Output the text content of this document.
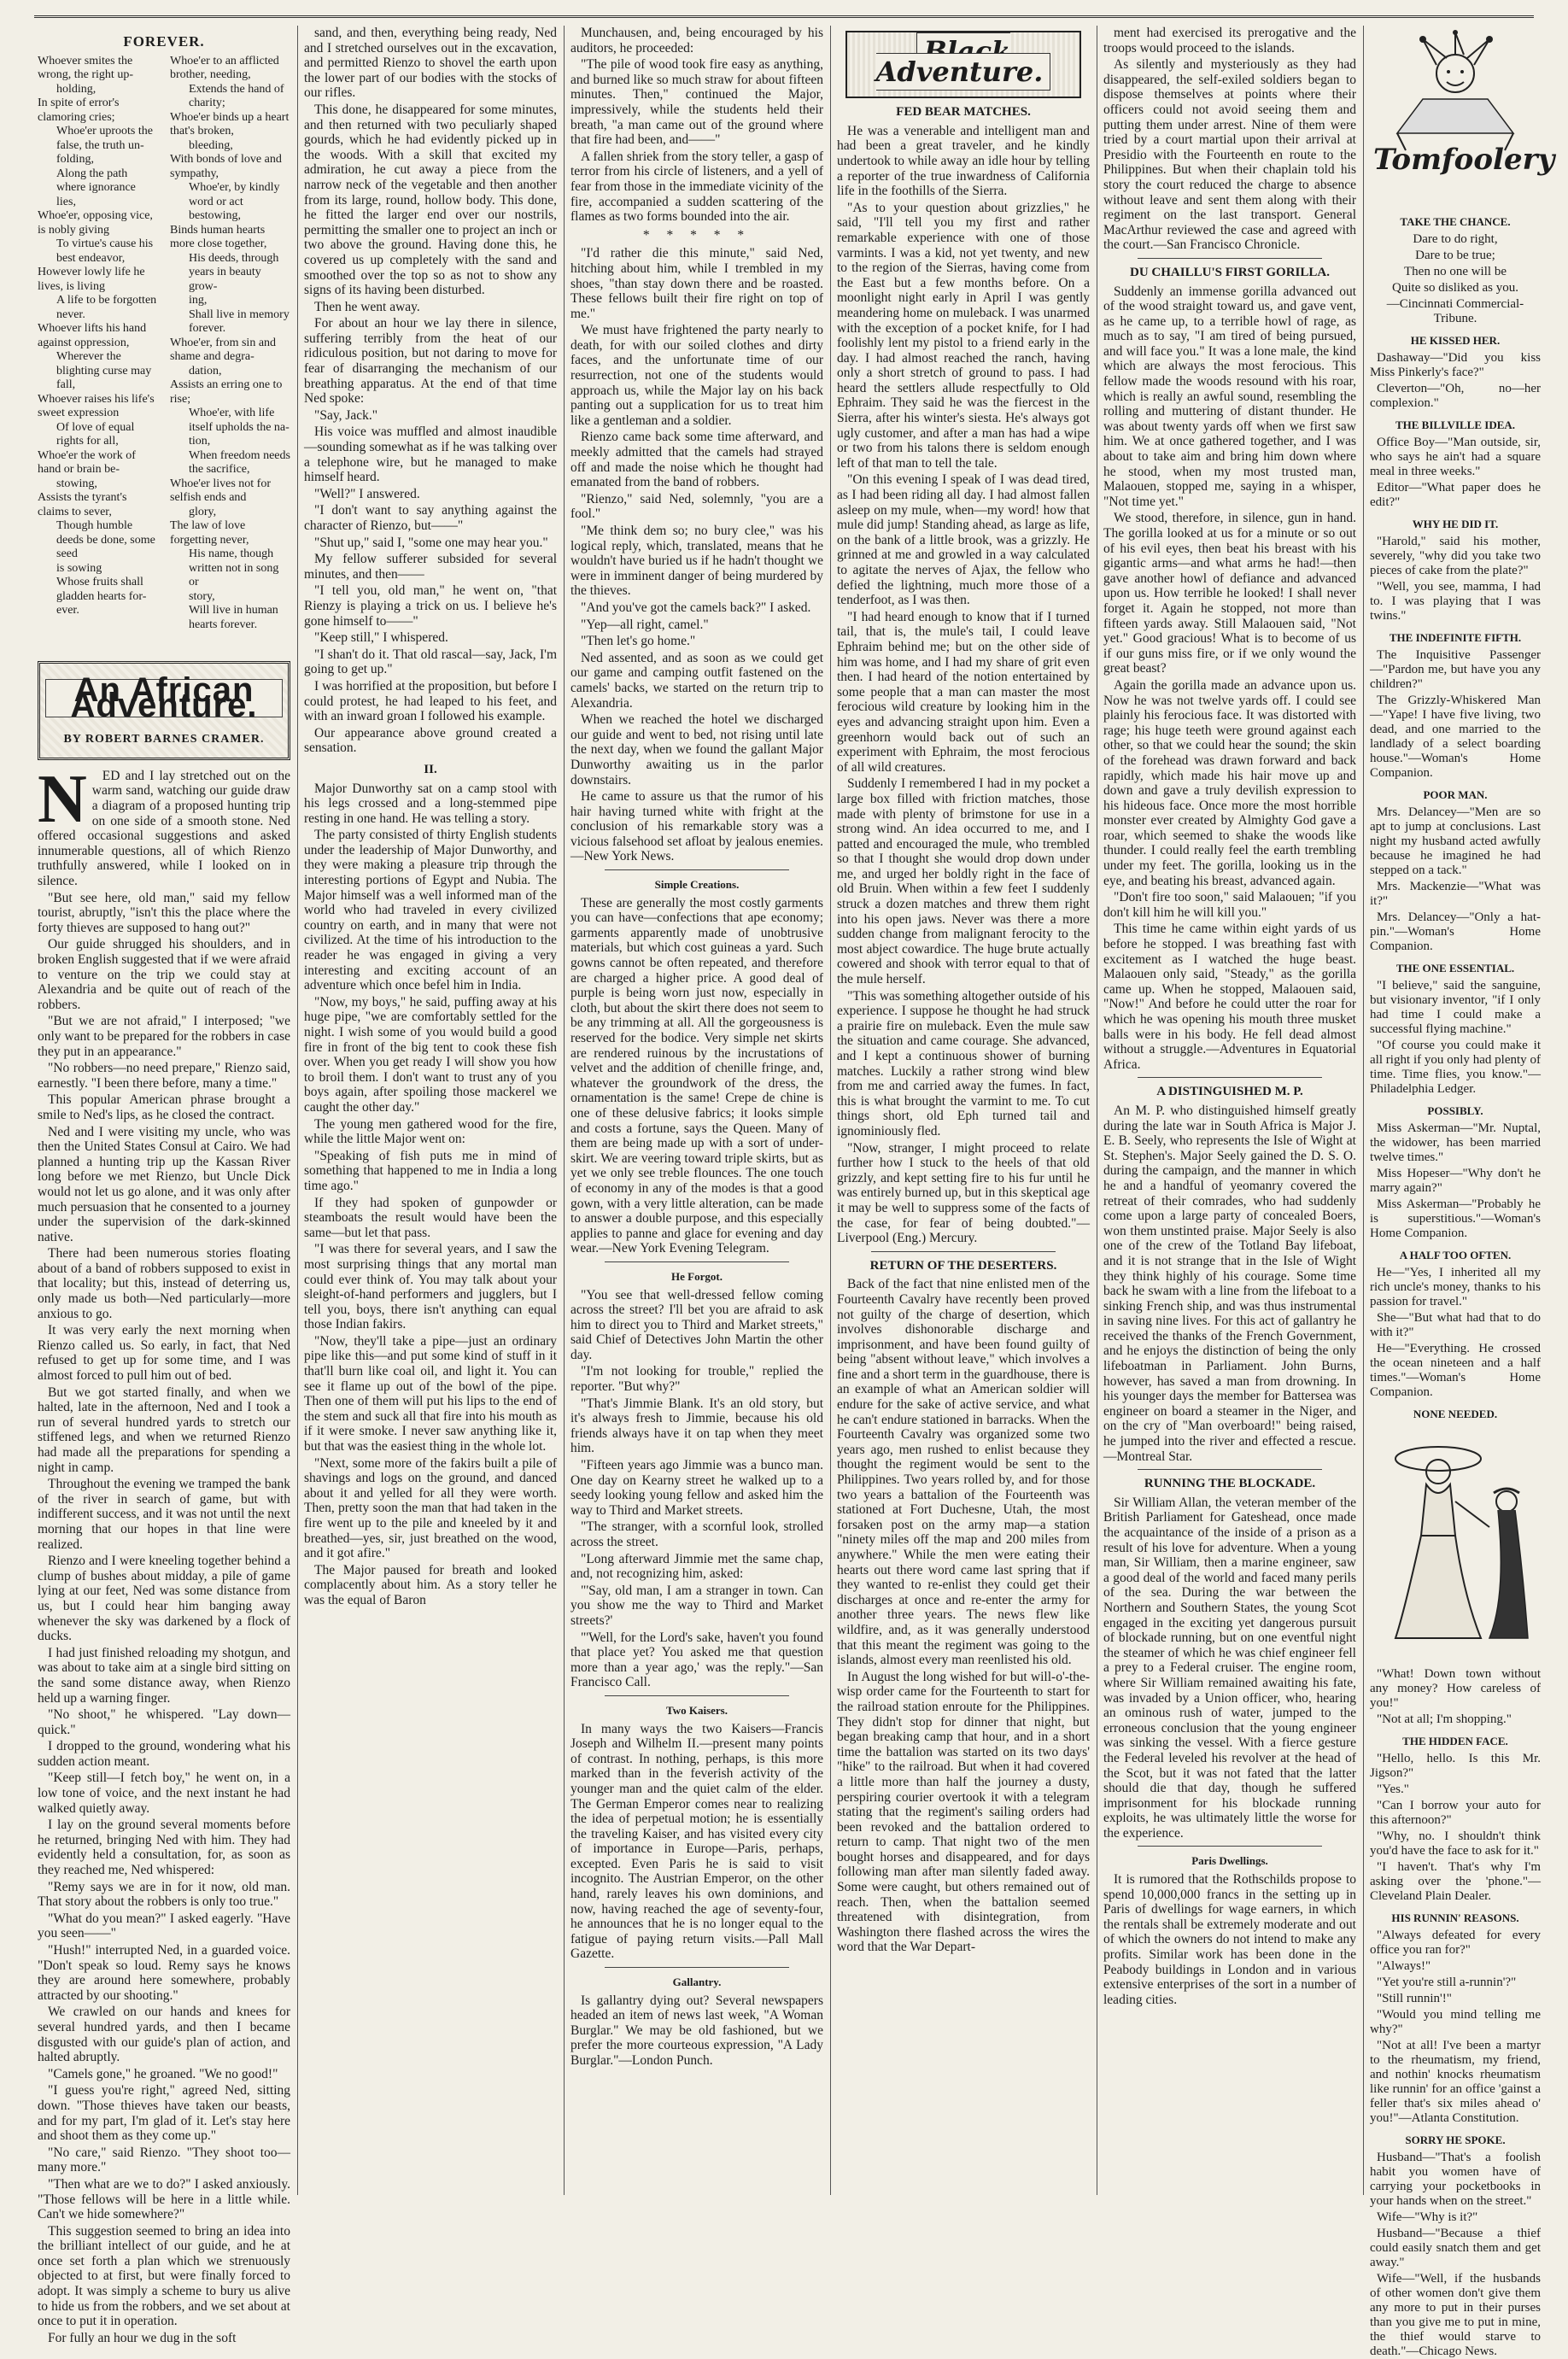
FOREVER.

Whoever smites the wrong, the right up-

holding,

In spite of error's clamoring cries;

Whoe'er uproots the false, the truth un-

folding,

Along the path where ignorance lies,

Whoe'er, opposing vice, is nobly giving

To virtue's cause his best endeavor,

However lowly life he lives, is living

A life to be forgotten never.

Whoever lifts his hand against oppression,

Wherever the blighting curse may fall,

Whoever raises his life's sweet expression

Of love of equal rights for all,

Whoe'er the work of hand or brain be-

stowing,

Assists the tyrant's claims to sever,

Though humble deeds be done, some seed

is sowing

Whose fruits shall gladden hearts for-

ever.

Whoe'er to an afflicted brother, needing,

Extends the hand of charity;

Whoe'er binds up a heart that's broken,

bleeding,

With bonds of love and sympathy,

Whoe'er, by kindly word or act bestowing,

Binds human hearts more close together,

His deeds, through years in beauty grow-

ing,

Shall live in memory forever.

Whoe'er, from sin and shame and degra-

dation,

Assists an erring one to rise;

Whoe'er, with life itself upholds the na-

tion,

When freedom needs the sacrifice,

Whoe'er lives not for selfish ends and

glory,

The law of love forgetting never,

His name, though written not in song or

story,

Will live in human hearts forever.

An African Adventure.
BY ROBERT BARNES CRAMER.
N	ED and I lay stretched out on the warm sand, watching our guide draw a diagram of a proposed hunting trip on one side of a smooth stone. Ned offered occasional suggestions and asked innumerable questions, all of which Rienzo truthfully answered, while I looked on in silence.

"But see here, old man," said my fellow tourist, abruptly, "isn't this the place where the forty thieves are supposed to hang out?"

Our guide shrugged his shoulders, and in broken English suggested that if we were afraid to venture on the trip we could stay at Alexandria and be quite out of reach of the robbers.

"But we are not afraid," I interposed; "we only want to be prepared for the robbers in case they put in an appearance."

"No robbers—no need prepare," Rienzo said, earnestly. "I been there before, many a time."

This popular American phrase brought a smile to Ned's lips, as he closed the contract.

Ned and I were visiting my uncle, who was then the United States Consul at Cairo. We had planned a hunting trip up the Kassan River long before we met Rienzo, but Uncle Dick would not let us go alone, and it was only after much persuasion that he consented to a journey under the supervision of the dark-skinned native.

There had been numerous stories floating about of a band of robbers supposed to exist in that locality; but this, instead of deterring us, only made us both—Ned particularly—more anxious to go.

It was very early the next morning when Rienzo called us. So early, in fact, that Ned refused to get up for some time, and I was almost forced to pull him out of bed.

But we got started finally, and when we halted, late in the afternoon, Ned and I took a run of several hundred yards to stretch our stiffened legs, and when we returned Rienzo had made all the preparations for spending a night in camp.

Throughout the evening we tramped the bank of the river in search of game, but with indifferent success, and it was not until the next morning that our hopes in that line were realized.

Rienzo and I were kneeling together behind a clump of bushes about midday, a pile of game lying at our feet, Ned was some distance from us, but I could hear him banging away whenever the sky was darkened by a flock of ducks.

I had just finished reloading my shotgun, and was about to take aim at a single bird sitting on the sand some distance away, when Rienzo held up a warning finger.

"No shoot," he whispered. "Lay down—quick."

I dropped to the ground, wondering what his sudden action meant.

"Keep still—I fetch boy," he went on, in a low tone of voice, and the next instant he had walked quietly away.

I lay on the ground several moments before he returned, bringing Ned with him. They had evidently held a consultation, for, as soon as they reached me, Ned whispered:

"Remy says we are in for it now, old man. That story about the robbers is only too true."

"What do you mean?" I asked eagerly. "Have you seen——"

"Hush!" interrupted Ned, in a guarded voice. "Don't speak so loud. Remy says he knows they are around here somewhere, probably attracted by our shooting."

We crawled on our hands and knees for several hundred yards, and then I became disgusted with our guide's plan of action, and halted abruptly.

"Camels gone," he groaned. "We no good!"

"I guess you're right," agreed Ned, sitting down. "Those thieves have taken our beasts, and for my part, I'm glad of it. Let's stay here and shoot them as they come up."

"No care," said Rienzo. "They shoot too—many more."

"Then what are we to do?" I asked anxiously. "Those fellows will be here in a little while. Can't we hide somewhere?"

This suggestion seemed to bring an idea into the brilliant intellect of our guide, and he at once set forth a plan which we strenuously objected to at first, but were finally forced to adopt. It was simply a scheme to bury us alive to hide us from the robbers, and we set about at once to put it in operation.

For fully an hour we dug in the soft

sand, and then, everything being ready, Ned and I stretched ourselves out in the excavation, and permitted Rienzo to shovel the earth upon the lower part of our bodies with the stocks of our rifles.

This done, he disappeared for some minutes, and then returned with two peculiarly shaped gourds, which he had evidently picked up in the woods. With a skill that excited my admiration, he cut away a piece from the narrow neck of the vegetable and then another from its large, round, hollow body. This done, he fitted the larger end over our nostrils, permitting the smaller one to project an inch or two above the ground. Having done this, he covered us up completely with the sand and smoothed over the top so as not to show any signs of its having been disturbed.

Then he went away.

For about an hour we lay there in silence, suffering terribly from the heat of our ridiculous position, but not daring to move for fear of disarranging the mechanism of our breathing apparatus. At the end of that time Ned spoke:

"Say, Jack."

His voice was muffled and almost inaudible—sounding somewhat as if he was talking over a telephone wire, but he managed to make himself heard.

"Well?" I answered.

"I don't want to say anything against the character of Rienzo, but——"

"Shut up," said I, "some one may hear you."

My fellow sufferer subsided for several minutes, and then——

"I tell you, old man," he went on, "that Rienzy is playing a trick on us. I believe he's gone himself to——"

"Keep still," I whispered.

"I shan't do it. That old rascal—say, Jack, I'm going to get up."

I was horrified at the proposition, but before I could protest, he had leaped to his feet, and with an inward groan I followed his example.

Our appearance above ground created a sensation.

II.

Major Dunworthy sat on a camp stool with his legs crossed and a long-stemmed pipe resting in one hand. He was telling a story.

The party consisted of thirty English students under the leadership of Major Dunworthy, and they were making a pleasure trip through the interesting portions of Egypt and Nubia. The Major himself was a well informed man of the world who had traveled in every civilized country on earth, and in many that were not civilized. At the time of his introduction to the reader he was engaged in giving a very interesting and exciting account of an adventure which once befel him in India.

"Now, my boys," he said, puffing away at his huge pipe, "we are comfortably settled for the night. I wish some of you would build a good fire in front of the big tent to cook these fish over. When you get ready I will show you how to broil them. I don't want to trust any of you boys again, after spoiling those mackerel we caught the other day."

The young men gathered wood for the fire, while the little Major went on:

"Speaking of fish puts me in mind of something that happened to me in India a long time ago."

If they had spoken of gunpowder or steamboats the result would have been the same—but let that pass.

"I was there for several years, and I saw the most surprising things that any mortal man could ever think of. You may talk about your sleight-of-hand performers and jugglers, but I tell you, boys, there isn't anything can equal those Indian fakirs.

"Now, they'll take a pipe—just an ordinary pipe like this—and put some kind of stuff in it that'll burn like coal oil, and light it. You can see it flame up out of the bowl of the pipe. Then one of them will put his lips to the end of the stem and suck all that fire into his mouth as if it were smoke. I never saw anything like it, but that was the easiest thing in the whole lot.

"Next, some more of the fakirs built a pile of shavings and logs on the ground, and danced about it and yelled for all they were worth. Then, pretty soon the man that had taken in the fire went up to the pile and kneeled by it and breathed—yes, sir, just breathed on the wood, and it got afire."

The Major paused for breath and looked complacently about him. As a story teller he was the equal of Baron

Munchausen, and, being encouraged by his auditors, he proceeded:

"The pile of wood took fire easy as anything, and burned like so much straw for about fifteen minutes. Then," continued the Major, impressively, while the students held their breath, "a man came out of the ground where that fire had been, and——"

A fallen shriek from the story teller, a gasp of terror from his circle of listeners, and a yell of fear from those in the immediate vicinity of the fire, accompanied a sudden scattering of the flames as two forms bounded into the air.

* * * * *

"I'd rather die this minute," said Ned, hitching about him, while I trembled in my shoes, "than stay down there and be roasted. These fellows built their fire right on top of me."

We must have frightened the party nearly to death, for with our soiled clothes and dirty faces, and the unfortunate time of our resurrection, not one of the students would approach us, while the Major lay on his back panting out a supplication for us to treat him like a gentleman and a soldier.

Rienzo came back some time afterward, and meekly admitted that the camels had strayed off and made the noise which he thought had emanated from the band of robbers.

"Rienzo," said Ned, solemnly, "you are a fool."

"Me think dem so; no bury clee," was his logical reply, which, translated, means that he wouldn't have buried us if he hadn't thought we were in imminent danger of being murdered by the thieves.

"And you've got the camels back?" I asked.

"Yep—all right, camel."

"Then let's go home."

Ned assented, and as soon as we could get our game and camping outfit fastened on the camels' backs, we started on the return trip to Alexandria.

When we reached the hotel we discharged our guide and went to bed, not rising until late the next day, when we found the gallant Major Dunworthy awaiting us in the parlor downstairs.

He came to assure us that the rumor of his hair having turned white with fright at the conclusion of his remarkable story was a vicious falsehood set afloat by jealous enemies.—New York News.

Simple Creations.

These are generally the most costly garments you can have—confections that ape economy; garments apparently made of unobtrusive materials, but which cost guineas a yard. Such gowns cannot be often repeated, and therefore are charged a higher price. A good deal of purple is being worn just now, especially in cloth, but about the skirt there does not seem to be any trimming at all. All the gorgeousness is reserved for the bodice. Very simple net skirts are rendered ruinous by the incrustations of velvet and the addition of chenille fringe, and, whatever the groundwork of the dress, the ornamentation is the same! Crepe de chine is one of these delusive fabrics; it looks simple and costs a fortune, says the Queen. Many of them are being made up with a sort of under-skirt. We are veering toward triple skirts, but as yet we only see treble flounces. The one touch of economy in any of the modes is that a good gown, with a very little alteration, can be made to answer a double purpose, and this especially applies to panne and glace for evening and day wear.—New York Evening Telegram.

He Forgot.

"You see that well-dressed fellow coming across the street? I'll bet you are afraid to ask him to direct you to Third and Market streets," said Chief of Detectives John Martin the other day.

"I'm not looking for trouble," replied the reporter. "But why?"

"That's Jimmie Blank. It's an old story, but it's always fresh to Jimmie, because his old friends always have it on tap when they meet him.

"Fifteen years ago Jimmie was a bunco man. One day on Kearny street he walked up to a seedy looking young fellow and asked him the way to Third and Market streets.

"The stranger, with a scornful look, strolled across the street.

"Long afterward Jimmie met the same chap, and, not recognizing him, asked:

"'Say, old man, I am a stranger in town. Can you show me the way to Third and Market streets?'

"'Well, for the Lord's sake, haven't you found that place yet? You asked me that question more than a year ago,' was the reply."—San Francisco Call.

Two Kaisers.

In many ways the two Kaisers—Francis Joseph and Wilhelm II.—present many points of contrast. In nothing, perhaps, is this more marked than in the feverish activity of the younger man and the quiet calm of the elder. The German Emperor comes near to realizing the idea of perpetual motion; he is essentially the traveling Kaiser, and has visited every city of importance in Europe—Paris, perhaps, excepted. Even Paris he is said to visit incognito. The Austrian Emperor, on the other hand, rarely leaves his own dominions, and now, having reached the age of seventy-four, he announces that he is no longer equal to the fatigue of paying return visits.—Pall Mall Gazette.

Gallantry.

Is gallantry dying out? Several newspapers headed an item of news last week, "A Woman Burglar." We may be old fashioned, but we prefer the more courteous expression, "A Lady Burglar."—London Punch.

Black Adventure.
FED BEAR MATCHES.

He was a venerable and intelligent man and had been a great traveler, and he kindly undertook to while away an idle hour by telling a reporter of the true inwardness of California life in the foothills of the Sierra.

"As to your question about grizzlies," he said, "I'll tell you my first and rather remarkable experience with one of those varmints. I was a kid, not yet twenty, and new to the region of the Sierras, having come from the East but a few months before. On a moonlight night early in April I was gently meandering home on muleback. I was unarmed with the exception of a pocket knife, for I had foolishly lent my pistol to a friend early in the day. I had almost reached the ranch, having only a short stretch of ground to pass. I had heard the settlers allude respectfully to Old Ephraim. They said he was the fiercest in the Sierra, after his winter's siesta. He's always got ugly customer, and after a man has had a wipe or two from his talons there is seldom enough left of that man to tell the tale.

"On this evening I speak of I was dead tired, as I had been riding all day. I had almost fallen asleep on my mule, when—my word! how that mule did jump! Standing ahead, as large as life, on the bank of a little brook, was a grizzly. He grinned at me and growled in a way calculated to agitate the nerves of Ajax, the fellow who defied the lightning, much more those of a tenderfoot, as I was then.

"I had heard enough to know that if I turned tail, that is, the mule's tail, I could leave Ephraim behind me; but on the other side of him was home, and I had my share of grit even then. I had heard of the notion entertained by some people that a man can master the most ferocious wild creature by looking him in the eyes and advancing straight upon him. Even a greenhorn would back out of such an experiment with Ephraim, the most ferocious of all wild creatures.

Suddenly I remembered I had in my pocket a large box filled with friction matches, those made with plenty of brimstone for use in a strong wind. An idea occurred to me, and I patted and encouraged the mule, who trembled so that I thought she would drop down under me, and urged her boldly right in the face of old Bruin. When within a few feet I suddenly struck a dozen matches and threw them right into his open jaws. Never was there a more sudden change from malignant ferocity to the most abject cowardice. The huge brute actually cowered and shook with terror equal to that of the mule herself.

"This was something altogether outside of his experience. I suppose he thought he had struck a prairie fire on muleback. Even the mule saw the situation and came courage. She advanced, and I kept a continuous shower of burning matches. Luckily a rather strong wind blew from me and carried away the fumes. In fact, this is what brought the varmint to me. To cut things short, old Eph turned tail and ignominiously fled.

"Now, stranger, I might proceed to relate further how I stuck to the heels of that old grizzly, and kept setting fire to his fur until he was entirely burned up, but in this skeptical age it may be well to suppress some of the facts of the case, for fear of being doubted."—Liverpool (Eng.) Mercury.

RETURN OF THE DESERTERS.

Back of the fact that nine enlisted men of the Fourteenth Cavalry have recently been proved not guilty of the charge of desertion, which involves dishonorable discharge and imprisonment, and have been found guilty of being "absent without leave," which involves a fine and a short term in the guardhouse, there is an example of what an American soldier will endure for the sake of active service, and what he can't endure stationed in barracks. When the Fourteenth Cavalry was organized some two years ago, men rushed to enlist because they thought the regiment would be sent to the Philippines. Two years rolled by, and for those two years a battalion of the Fourteenth was stationed at Fort Duchesne, Utah, the most forsaken post on the army map—a station "ninety miles off the map and 200 miles from anywhere." While the men were eating their hearts out there word came last spring that if they wanted to re-enlist they could get their discharges at once and re-enter the army for another three years. The news flew like wildfire, and, as it was generally understood that this meant the regiment was going to the islands, almost every man reenlisted his old.

In August the long wished for but will-o'-the-wisp order came for the Fourteenth to start for the railroad station enroute for the Philippines. They didn't stop for dinner that night, but began breaking camp that hour, and in a short time the battalion was started on its two days' "hike" to the railroad. But when it had covered a little more than half the journey a dusty, perspiring courier overtook it with a telegram stating that the regiment's sailing orders had been revoked and the battalion ordered to return to camp. That night two of the men bought horses and disappeared, and for days following man after man silently faded away. Some were caught, but others remained out of reach. Then, when the battalion seemed threatened with disintegration, from Washington there flashed across the wires the word that the War Depart-

ment had exercised its prerogative and the troops would proceed to the islands.

As silently and mysteriously as they had disappeared, the self-exiled soldiers began to dispose themselves at points where their officers could not avoid seeing them and putting them under arrest. Nine of them were tried by a court martial upon their arrival at Presidio with the Fourteenth en route to the Philippines. But when their chaplain told his story the court reduced the charge to absence without leave and sent them along with their regiment on the last transport. General MacArthur reviewed the case and agreed with the court.—San Francisco Chronicle.

DU CHAILLU'S FIRST GORILLA.

Suddenly an immense gorilla advanced out of the wood straight toward us, and gave vent, as he came up, to a terrible howl of rage, as much as to say, "I am tired of being pursued, and will face you." It was a lone male, the kind which are always the most ferocious. This fellow made the woods resound with his roar, which is really an awful sound, resembling the rolling and muttering of distant thunder. He was about twenty yards off when we first saw him. We at once gathered together, and I was about to take aim and bring him down where he stood, when my most trusted man, Malaouen, stopped me, saying in a whisper, "Not time yet."

We stood, therefore, in silence, gun in hand. The gorilla looked at us for a minute or so out of his evil eyes, then beat his breast with his gigantic arms—and what arms he had!—then gave another howl of defiance and advanced upon us. How terrible he looked! I shall never forget it. Again he stopped, not more than fifteen yards away. Still Malaouen said, "Not yet." Good gracious! What is to become of us if our guns miss fire, or if we only wound the great beast?

Again the gorilla made an advance upon us. Now he was not twelve yards off. I could see plainly his ferocious face. It was distorted with rage; his huge teeth were ground against each other, so that we could hear the sound; the skin of the forehead was drawn forward and back rapidly, which made his hair move up and down and gave a truly devilish expression to his hideous face. Once more the most horrible monster ever created by Almighty God gave a roar, which seemed to shake the woods like thunder. I could really feel the earth trembling under my feet. The gorilla, looking us in the eye, and beating his breast, advanced again.

"Don't fire too soon," said Malaouen; "if you don't kill him he will kill you."

This time he came within eight yards of us before he stopped. I was breathing fast with excitement as I watched the huge beast. Malaouen only said, "Steady," as the gorilla came up. When he stopped, Malaouen said, "Now!" And before he could utter the roar for which he was opening his mouth three musket balls were in his body. He fell dead almost without a struggle.—Adventures in Equatorial Africa.

A DISTINGUISHED M. P.

An M. P. who distinguished himself greatly during the late war in South Africa is Major J. E. B. Seely, who represents the Isle of Wight at St. Stephen's. Major Seely gained the D. S. O. during the campaign, and the manner in which he and a handful of yeomanry covered the retreat of their comrades, who had suddenly come upon a large party of concealed Boers, won them unstinted praise. Major Seely is also one of the crew of the Totland Bay lifeboat, and it is not strange that in the Isle of Wight they think highly of his courage. Some time back he swam with a line from the lifeboat to a sinking French ship, and was thus instrumental in saving nine lives. For this act of gallantry he received the thanks of the French Government, and he enjoys the distinction of being the only lifeboatman in Parliament. John Burns, however, has saved a man from drowning. In his younger days the member for Battersea was engineer on board a steamer in the Niger, and on the cry of "Man overboard!" being raised, he jumped into the river and effected a rescue.—Montreal Star.

RUNNING THE BLOCKADE.

Sir William Allan, the veteran member of the British Parliament for Gateshead, once made the acquaintance of the inside of a prison as a result of his love for adventure. When a young man, Sir William, then a marine engineer, saw a good deal of the world and faced many perils of the sea. During the war between the Northern and Southern States, the young Scot engaged in the exciting yet dangerous pursuit of blockade running, but on one eventful night the steamer of which he was chief engineer fell a prey to a Federal cruiser. The engine room, where Sir William remained awaiting his fate, was invaded by a Union officer, who, hearing an ominous rush of water, jumped to the erroneous conclusion that the young engineer was sinking the vessel. With a fierce gesture the Federal leveled his revolver at the head of the Scot, but it was not fated that the latter should die that day, though he suffered imprisonment for his blockade running exploits, he was ultimately little the worse for the experience.

Paris Dwellings.

It is rumored that the Rothschilds propose to spend 10,000,000 francs in the setting up in Paris of dwellings for wage earners, in which the rentals shall be extremely moderate and out of which the owners do not intend to make any profits. Similar work has been done in the Peabody buildings in London and in various extensive enterprises of the sort in a number of leading cities.

Tomfoolery
TAKE THE CHANCE.

Dare to do right,

Dare to be true;

Then no one will be

Quite so disliked as you.

—Cincinnati Commercial-Tribune.

HE KISSED HER.

Dashaway—"Did you kiss Miss Pinkerly's face?"

Cleverton—"Oh, no—her complexion."

THE BILLVILLE IDEA.

Office Boy—"Man outside, sir, who says he ain't had a square meal in three weeks."

Editor—"What paper does he edit?"

WHY HE DID IT.

"Harold," said his mother, severely, "why did you take two pieces of cake from the plate?"

"Well, you see, mamma, I had to. I was playing that I was twins."

THE INDEFINITE FIFTH.

The Inquisitive Passenger—"Pardon me, but have you any children?"

The Grizzly-Whiskered Man—"Yape! I have five living, two dead, and one married to the landlady of a select boarding house."—Woman's Home Companion.

POOR MAN.

Mrs. Delancey—"Men are so apt to jump at conclusions. Last night my husband acted awfully because he imagined he had stepped on a tack."

Mrs. Mackenzie—"What was it?"

Mrs. Delancey—"Only a hat-pin."—Woman's Home Companion.

THE ONE ESSENTIAL.

"I believe," said the sanguine, but visionary inventor, "if I only had time I could make a successful flying machine."

"Of course you could make it all right if you only had plenty of time. Time flies, you know."—Philadelphia Ledger.

POSSIBLY.

Miss Askerman—"Mr. Nuptal, the widower, has been married twelve times."

Miss Hopeser—"Why don't he marry again?"

Miss Askerman—"Probably he is superstitious."—Woman's Home Companion.

A HALF TOO OFTEN.

He—"Yes, I inherited all my rich uncle's money, thanks to his passion for travel."

She—"But what had that to do with it?"

He—"Everything. He crossed the ocean nineteen and a half times."—Woman's Home Companion.

NONE NEEDED.

"What! Down town without any money? How careless of you!"

"Not at all; I'm shopping."

THE HIDDEN FACE.

"Hello, hello. Is this Mr. Jigson?"

"Yes."

"Can I borrow your auto for this afternoon?"

"Why, no. I shouldn't think you'd have the face to ask for it."

"I haven't. That's why I'm asking over the 'phone."—Cleveland Plain Dealer.

HIS RUNNIN' REASONS.

"Always defeated for every office you ran for?"

"Always!"

"Yet you're still a-runnin'?"

"Still runnin'!"

"Would you mind telling me why?"

"Not at all! I've been a martyr to the rheumatism, my friend, and nothin' knocks rheumatism like runnin' for an office 'gainst a feller that's six miles ahead o' you!"—Atlanta Constitution.

SORRY HE SPOKE.

Husband—"That's a foolish habit you women have of carrying your pocketbooks in your hands when on the street."

Wife—"Why is it?"

Husband—"Because a thief could easily snatch them and get away."

Wife—"Well, if the husbands of other women don't give them any more to put in their purses than you give me to put in mine, the thief would starve to death."—Chicago News.
